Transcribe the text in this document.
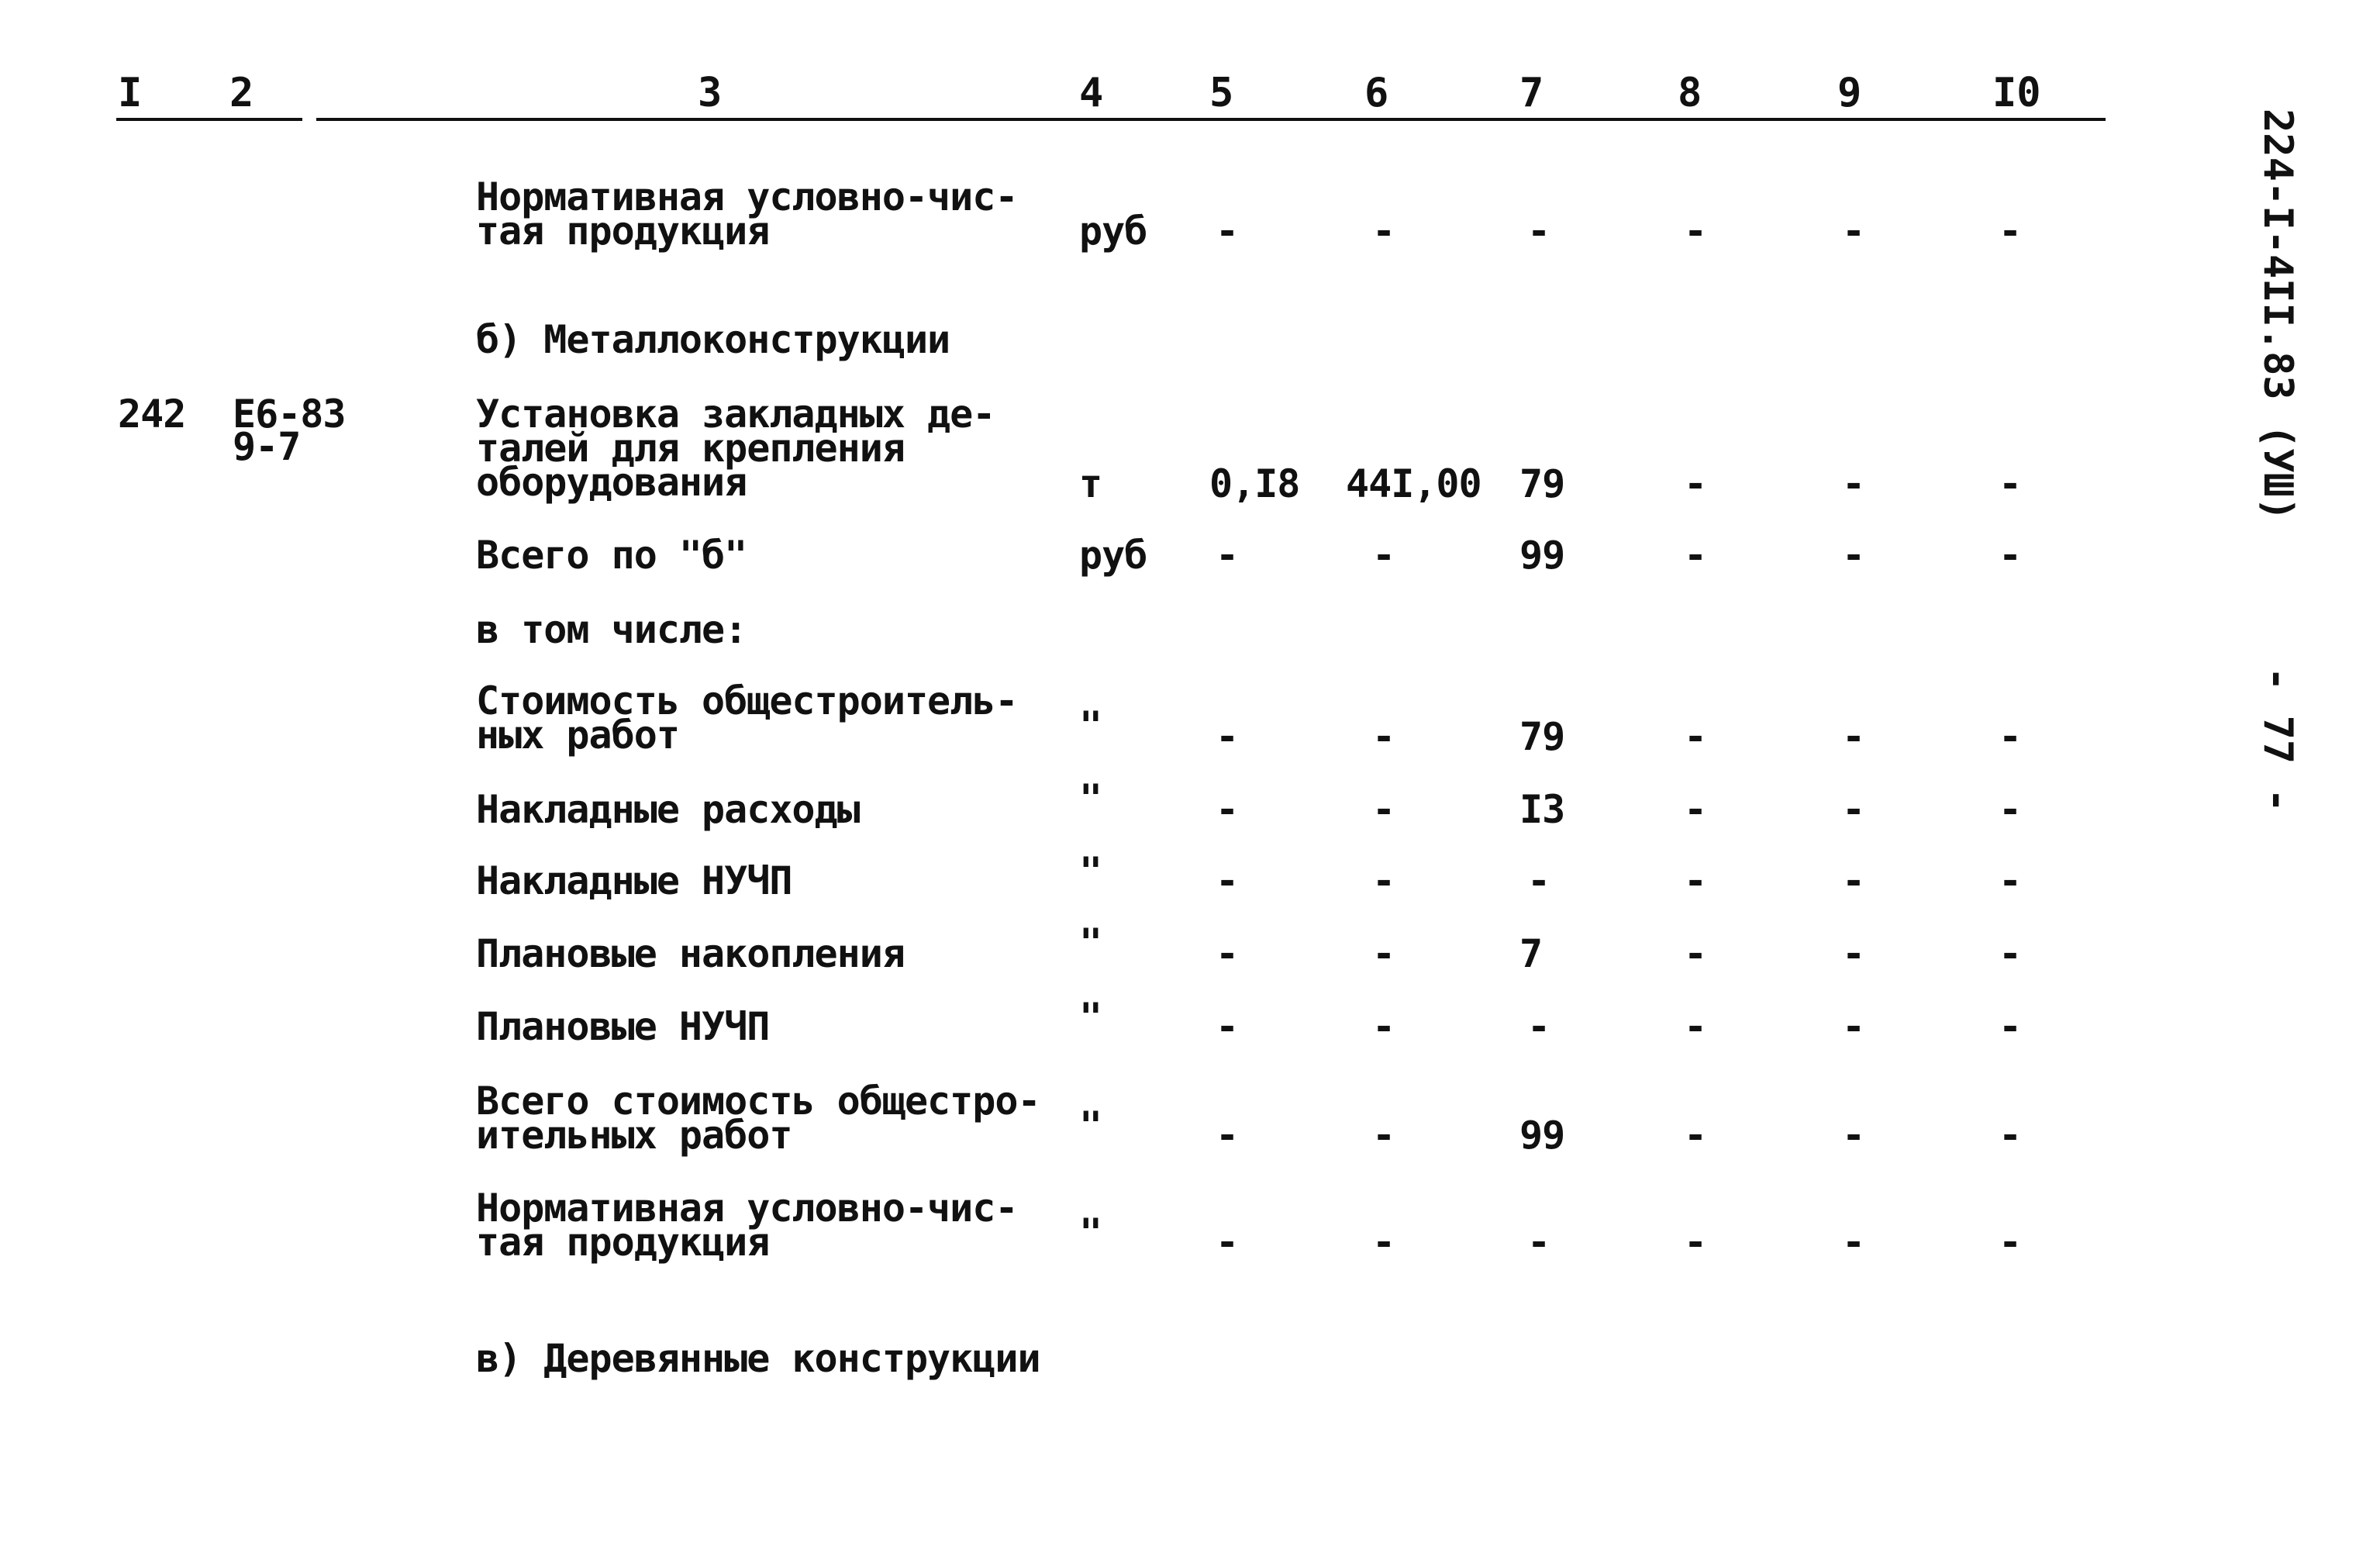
I 2	3	4	5	6	7	8	9	I0
Нормативная условно-чис-
тая продукция	руб -	-	-	-	-	-
б) Металлоконструкции
242 Е6-83
9-7
Установка закладных де-
талей для крепления
оборудования	т	0,I8 44I,00 79	-	-	-
Всего по "б"	руб -	-	99	-	-	-
в том числе:
Стоимость общестроитель-
ных работ	"	-	-	79	-	-	-
Накладные расходы	"	-	-	I3	-	-	-
Накладные НУЧП	"	-	-	-	-	-	-
Плановые накопления	"	-	-	7	-	-	-
Плановые НУЧП	"	-	-	-	-	-	-
Всего стоимость общестро-
ительных работ	"	-	-	99	-	-	-
Нормативная условно-чис-
тая продукция	"	-	-	-	-	-	-
в) Деревянные конструкции
224-I-4II.83 (УШ)
- 77 -
